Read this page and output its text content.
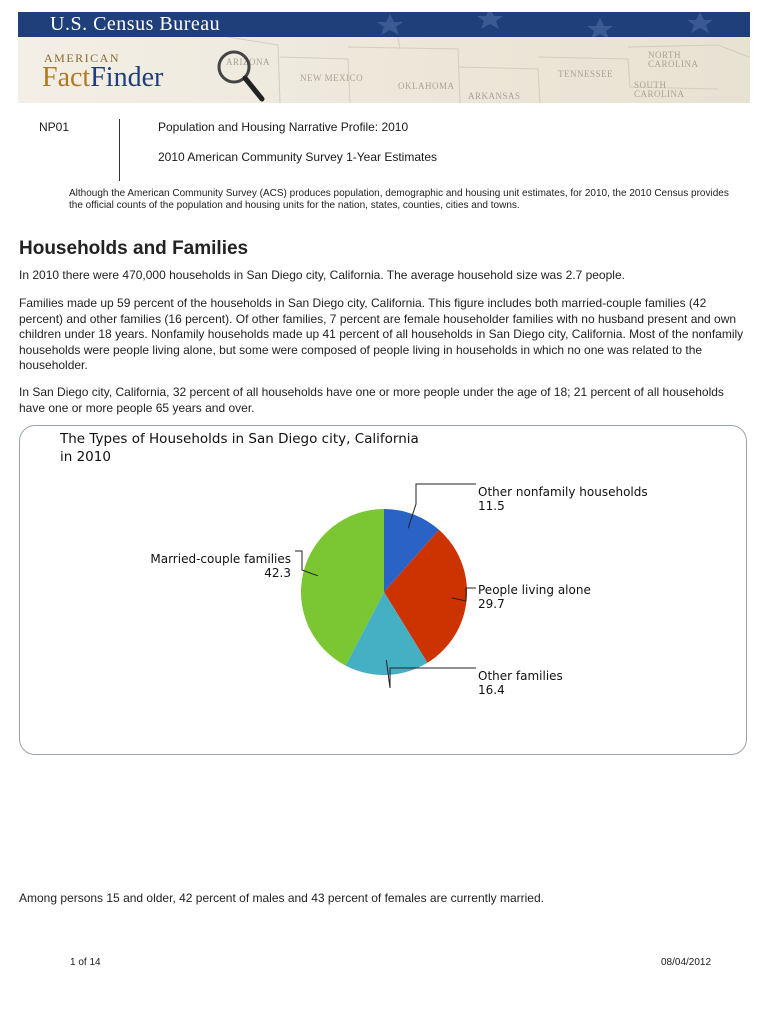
U.S. Census Bureau
ARIZONA
NEW MEXICO
OKLAHOMA
ARKANSAS
TENNESSEE
NORTH CAROLINA
SOUTH CAROLINA
AMERICAN
FactFinder
NP01	Population and Housing Narrative Profile: 2010
2010 American Community Survey 1-Year Estimates
Although the American Community Survey (ACS) produces population, demographic and housing unit estimates, for 2010, the 2010 Census provides the official counts of the population and housing units for the nation, states, counties, cities and towns.
Households and Families

In 2010 there were 470,000 households in San Diego city, California. The average household size was 2.7 people.

Families made up 59 percent of the households in San Diego city, California. This figure includes both married-couple families (42 percent) and other families (16 percent). Of other families, 7 percent are female householder families with no husband present and own children under 18 years. Nonfamily households made up 41 percent of all households in San Diego city, California. Most of the nonfamily households were people living alone, but some were composed of people living in households in which no one was related to the householder.

In San Diego city, California, 32 percent of all households have one or more people under the age of 18; 21 percent of all households have one or more people 65 years and over.

The Types of Households in San Diego city, California
in 2010
Other nonfamily households
11.5
People living alone
29.7
Other families
16.4
Married-couple families
42.3

Among persons 15 and older, 42 percent of males and 43 percent of females are currently married.

1 of 14	08/04/2012
